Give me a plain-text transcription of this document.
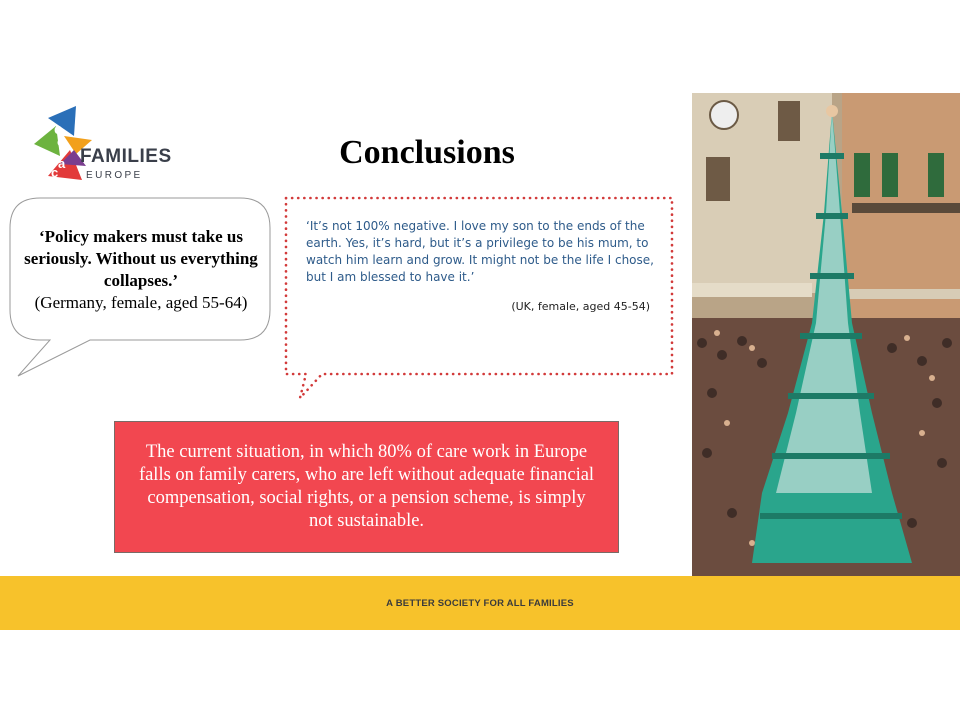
c
o
f
a
c
e
FAMILIES
EUROPE
Conclusions
‘Policy makers must take us seriously. Without us everything collapses.’
(Germany, female, aged 55-64)
‘It’s not 100% negative. I love my son to the ends of the earth. Yes, it’s hard, but it’s a privilege to be his mum, to watch him learn and grow. It might not be the life I chose, but I am blessed to have it.’
(UK, female, aged 45-54)
The current situation, in which 80% of care work in Europe falls on family carers, who are left without adequate financial compensation, social rights, or a pension scheme, is simply not sustainable.
A BETTER SOCIETY FOR ALL FAMILIES
